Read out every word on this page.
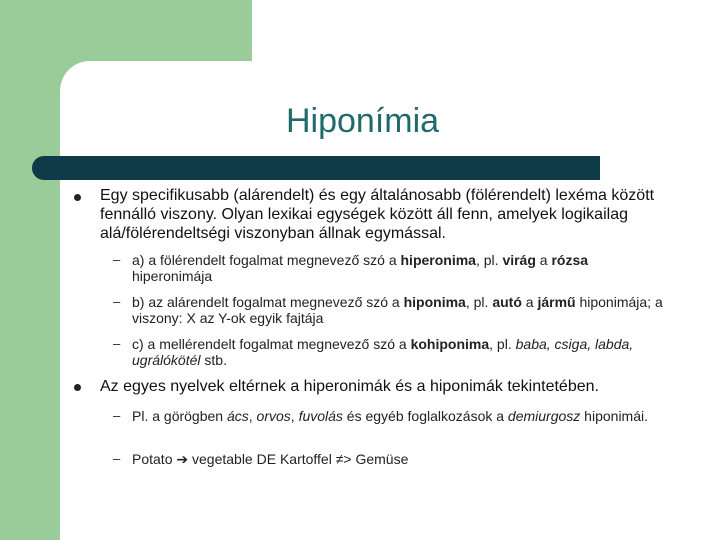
Hiponímia
Egy specifikusabb (alárendelt) és egy általánosabb (fölérendelt) lexéma között fennálló viszony. Olyan lexikai egységek között áll fenn, amelyek logikailag alá/fölérendeltségi viszonyban állnak egymással.
– a) a fölérendelt fogalmat megnevező szó a hiperonima, pl. virág a rózsa hiperonimája
– b) az alárendelt fogalmat megnevező szó a hiponima, pl. autó a jármű hiponimája; a viszony: X az Y-ok egyik fajtája
– c) a mellérendelt fogalmat megnevező szó a kohiponima, pl. baba, csiga, labda, ugrálókötél stb.
Az egyes nyelvek eltérnek a hiperonimák és a hiponimák tekintetében.
– Pl. a görögben ács, orvos, fuvolás és egyéb foglalkozások a demiurgosz hiponimái.
– Potato ➔ vegetable DE Kartoffel ≠> Gemüse
